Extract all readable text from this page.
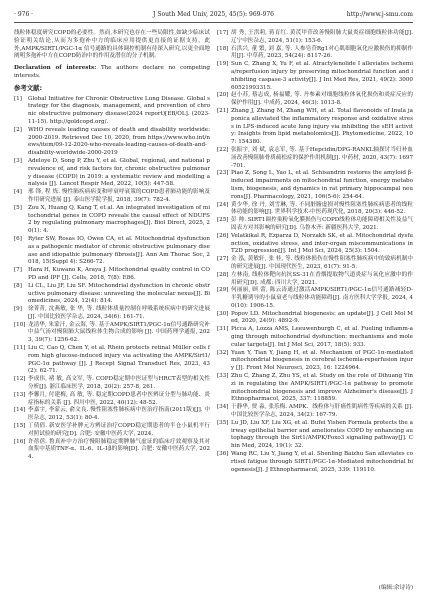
· 976 ·	J South Med Univ, 2025, 45(5): 969-976	http://www.j-smu.com

线粒体稳度研究COPD的必要性。然而,本研究也存在一些局限性,如缺少临床试验证明关结论,从而为多孢补中方的临床应用提供更直接的证据支持。此外,AMPK/SIRT1/PGC-1α 信号通路的具体调控机制有待深入研究,以更全面地阐明多孢补中方在COPD防治中的作用及潜在的分子机制。

Declaration of interests: The authors declare no competing interests.

参考文献:
[1]	Global Initiative for Chronic Obstructive Lung Disease. Global strategy for the diagnosis, management, and prevention of chronic obstructive pulmonary disease(2024 report)[EB/OL]. (2023-11-15). http://goldcopd.org/.
[2]	WHO reveals leading causes of death and disability worldwide: 2000-2019. Retrieved Dec 10, 2020, from https://www.who.int/news/item/09-12-2020-who-reveals-leading-causes-of-death-and-disability-worldwide-2000-2019
[3]	Adeloye D, Song P, Zhu Y, et al. Global, regional, and national prevalence of, and risk factors for, chronic obstructive pulmonary disease (COPD) in 2019: a systematic review and modelling analysis [J]. Lancet Respir Med, 2022, 10(5): 447-58.
[4]	邢 锋, 程 炼. 慢性肺疾病病变和呼衰呼衰策的COPD患者肺功能的影响及作用研究进展 [J]. 泰山医学院学报, 2018, 39(7): 782-4.
[5]	Zou X, Huang Q, Kang T, et al. An integrated investigation of mitochondrial genes in COPD reveals the causal effect of NDUFS2 by regulating pulmonary macrophages[J]. Biol Direct, 2025, 20(1): 4.
[6]	Ryter SW, Rosas IO, Owen CA, et al. Mitochondrial dysfunction as a pathogenic mediator of chronic obstructive pulmonary disease and idiopathic pulmonary fibrosis[J]. Ann Am Thorac Soc, 2018, 15(Suppl 4): S266-72.
[7]	Hara H, Kuwano K, Araya J. Mitochondrial quality control in COPD and IPF [J]. Cells, 2018, 7(8): E86.
[8]	Li CL, Liu JF, Liu SF. Mitochondrial dysfunction in chronic obstructive pulmonary disease: unraveling the molecular nexus[J]. Biomedicines, 2024, 12(4): 814.
[9]	徐菁菁, 沈燕敏, 张 华, 等. 线粒体质量控制在呼吸系统疾病中的研究进展 [J]. 中国比较医学杂志, 2024, 34(6): 161-71.
[10] 龙清华, 朱蒙汗, 金云海, 等. 基于AMPK/SIRT1/PGC-1α信号通路研究补中益气汤对慢阻肺大鼠线粒体生物合成的影响 [J]. 中国药理学通报, 2023, 39(7): 1256-62.
[11] Liu C, Cao Q, Chen Y, et al. Rhein protects retinal Müller cells from high glucose-induced injury via activating the AMPK/Sirt1/PGC-1α pathway [J]. J Recept Signal Transduct Res, 2023, 43(2): 62-71.
[12] 李成伟, 褚 敏, 高文军, 等. COPD稳定期中医证型与HRCT表型的相关性分析[J]. 浙江临床医学, 2018, 20(2): 257-8, 261.
[13] 李馨月, 付建梅, 高 敏, 等. 稳定期COPD患者中医辨证分型与肺功能、炎症指标的关系 [J]. 四川中医, 2022, 40(12): 48-52.
[14] 李嘉宇, 李蒙云, 俞文良. 慢性阻塞性肺疾病中医治疗指南(2011版)[J]. 中医杂志, 2012, 53(1): 80-4.
[15] 丁倩倩. 新安医学补脾元方辨证治疗COPD稳定期患者的半仓小鼠机平行对照试验的研究[D]. 合肥: 安徽中医药大学, 2024.
[16] 许蓓蓓. 鲁真补中方治疗慢阻肺稳定期脾肺气虚证的临床疗效观察及其对血浆中基质TNF-α、IL-6、IL-1β的影响[D]. 合肥: 安徽中医药大学, 2024.
[17] 胡 秀, 王洪莉, 蒋育红. 黄芪甲苷改善慢阻肺大鼠炎症细胞线粒体功能[J]. 辽宁中医杂志, 2024, 51(1): 153-6.
[18] 石洪兴, 董 繁, 刘 嘉, 等. 人参皂苷Rg1对心肌细胞氧化应激损伤的抑制作用[J]. 中草药, 2023, 54(24): 8117-26.
[19] Sun C, Zhang X, Yu F, et al. Atractylenolide I alleviates ischemia/reperfusion injury by preserving mitochondrial function and inhibiting caspase-3 activity[J]. J Int Med Res, 2021, 49(2): 300060521993315.
[20] 赵小苏, 蔡志成, 杨福耀, 等. 丹参素对细胞线粒体氧化损伤和炎症反应的保护作用[J]. 中成药, 2024, 46(3): 1013-8.
[21] Zhang J, Zhang M, Zhang WH, et al. Total flavonoids of Inula japonica alleviated the inflammatory response and oxidative stress in LPS-induced acute lung injury via inhibiting the sEH activity: Insights from lipid metabolomics[J]. Phytomedicine, 2022, 107: 154380.
[22] 张振宇, 刘 斌, 袁志军, 等. 基于Hepcidin/DPG-RANKL轴探讨当归补血汤改善慢阻肺骨质疏松症的保护作用机制[J]. 中药材, 2020, 43(7): 1697-701.
[23] Piao Z, Song L, Yao L, et al. Schisandrin restores the amyloid β-induced impairments on mitochondrial function, energy metabolism, biogenesis, and dynamics in rat primary hippocampal neurons[J]. Pharmacology, 2021, 106(5-6): 254-64.
[24] 黄少华, 徐 丹, 刘雪琳, 等. 不同脏腑虚损对慢性阻塞性肺疾病患者的线粒体功能的影响[J]. 世界科学技术-中医药现代化, 2018, 20(3): 446-52.
[25] 彭 帅. SIRT1调控巢粉氧化膜损伤与COPD线粒体功能障碍相关性及益气固表方对其影响的研究[D]. 乌鲁木齐: 新疆医科大学, 2021.
[26] Velatkikal R, Ezparza D, Norzakh SK, et al. Mitochondrial dysfunction, oxidative stress, and inter-organ miscommunications in T2D progression[J]. Int J Mol Sci, 2024, 25(3): 1504.
[27] 金 泓, 黄敏轩, 张 桂, 等. 线粒体损伤在慢性阻塞性肺疾病中的致病机制中的研究进展[J]. 中国现代医生, 2023, 61(7): 91-5.
[28] 左林南, 线粒体靶向抗抗SS-31在香烟提取物气道炎症与氧化应激中的作用研究[D]. 成都: 四川大学, 2021.
[29] 何丽丽, 顾 蕾, 陈云涛通过激活AMPK/SIRT1/PGC-1α信号通路减轻D-半乳糖诱导的小鼠衰老与线粒体功能障碍[J]. 南方医科大学学报, 2024, 40(10): 1906-15.
[30] Popov LD. Mitochondrial biogenesis: an update[J]. J Cell Mol Med, 2020, 24(9): 4892-9.
[31] Picca A, Lozza AMS, Leeuwenburgh C, et al. Fueling inflamm-aging through mitochondrial dysfunction: mechanisms and molecular targets[J]. Int J Mol Sci, 2017, 18(5): 933.
[32] Yuan Y, Tian Y, Jiang H, et al. Mechanism of PGC-1α-mediated mitochondrial biogenesis in cerebral ischemia-reperfusion injury [J]. Front Mol Neurosci, 2023, 16: 1224964.
[33] Zhu C, Zhang Z, Zhu YS, et al. Study on the role of Dihuang Yinzi in regulating the AMPK/SIRT1/PGC-1α pathway to promote mitochondrial biogenesis and improve Alzheimer's disease[J]. J Ethnopharmacol, 2025, 337: 118859.
[34] 于静华, 贾 淼, 张乐梅. AMPK、线粒体与肝癌性肌病性等疾病的关系 [J]. 中国比较医学杂志, 2024, 34(2): 167-79.
[35] Lu JD, Liu XF, Liu XG, et al. Bufei Yishen Formula protects the airway epithelial barrier and ameliorates COPD by enhancing autophagy through the Sirt1/AMPK/Foxo3 signaling pathway[J]. Chin Med, 2024, 19(1): 32.
[36] Wang RC, Liu Y, Jiang Y, et al. Shenling Baizhu San alleviates cortisol fatigue through SIRT1/PGC-1α-Mediated mitochondrial biogenesis[J]. J Ethnopharmacol, 2025, 339: 119110.
(编辑:余诗诗)
